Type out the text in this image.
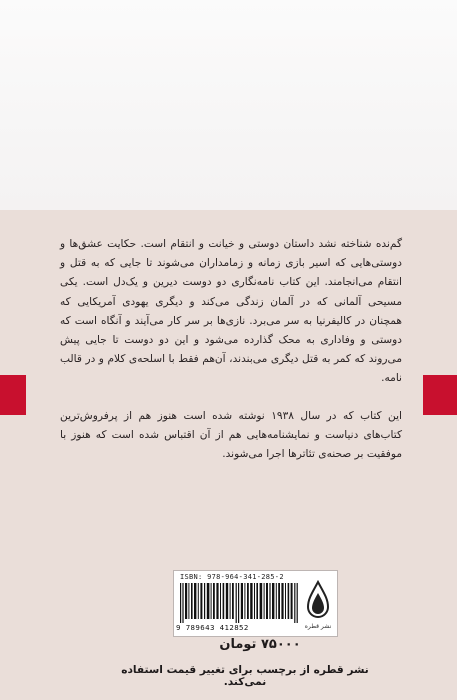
گم‌نده شناخته نشد داستان دوستی و خیانت و انتقام است. حکایت عشق‌ها و دوستی‌هایی که اسیر بازی زمانه و زمامداران می‌شوند تا جایی که به قتل و انتقام می‌انجامند. این کتاب نامه‌نگاری دو دوست دیرین و یک‌دل است. یکی مسیحی آلمانی که در آلمان زندگی می‌کند و دیگری یهودی آمریکایی که همچنان در کالیفرنیا به سر می‌برد. نازی‌ها بر سر کار می‌آیند و آنگاه است که دوستی و وفاداری به محک گذارده می‌شود و این دو دوست تا جایی پیش می‌روند که کمر به قتل دیگری می‌بندند، آن‌هم فقط با اسلحه‌ی کلام و در قالب نامه.

این کتاب که در سال ۱۹۳۸ نوشته شده است هنوز هم از پرفروش‌ترین کتاب‌های دنیاست و نمایشنامه‌هایی هم از آن اقتباس شده است که هنوز با موفقیت بر صحنه‌ی تئاترها اجرا می‌شوند.

ISBN: 978-964-341-285-2
9 789643 412852	نشر قطره
۷۵۰۰۰ تومان
نشر قطره از برچسب برای تغییر قیمت استفاده نمی‌کند.
